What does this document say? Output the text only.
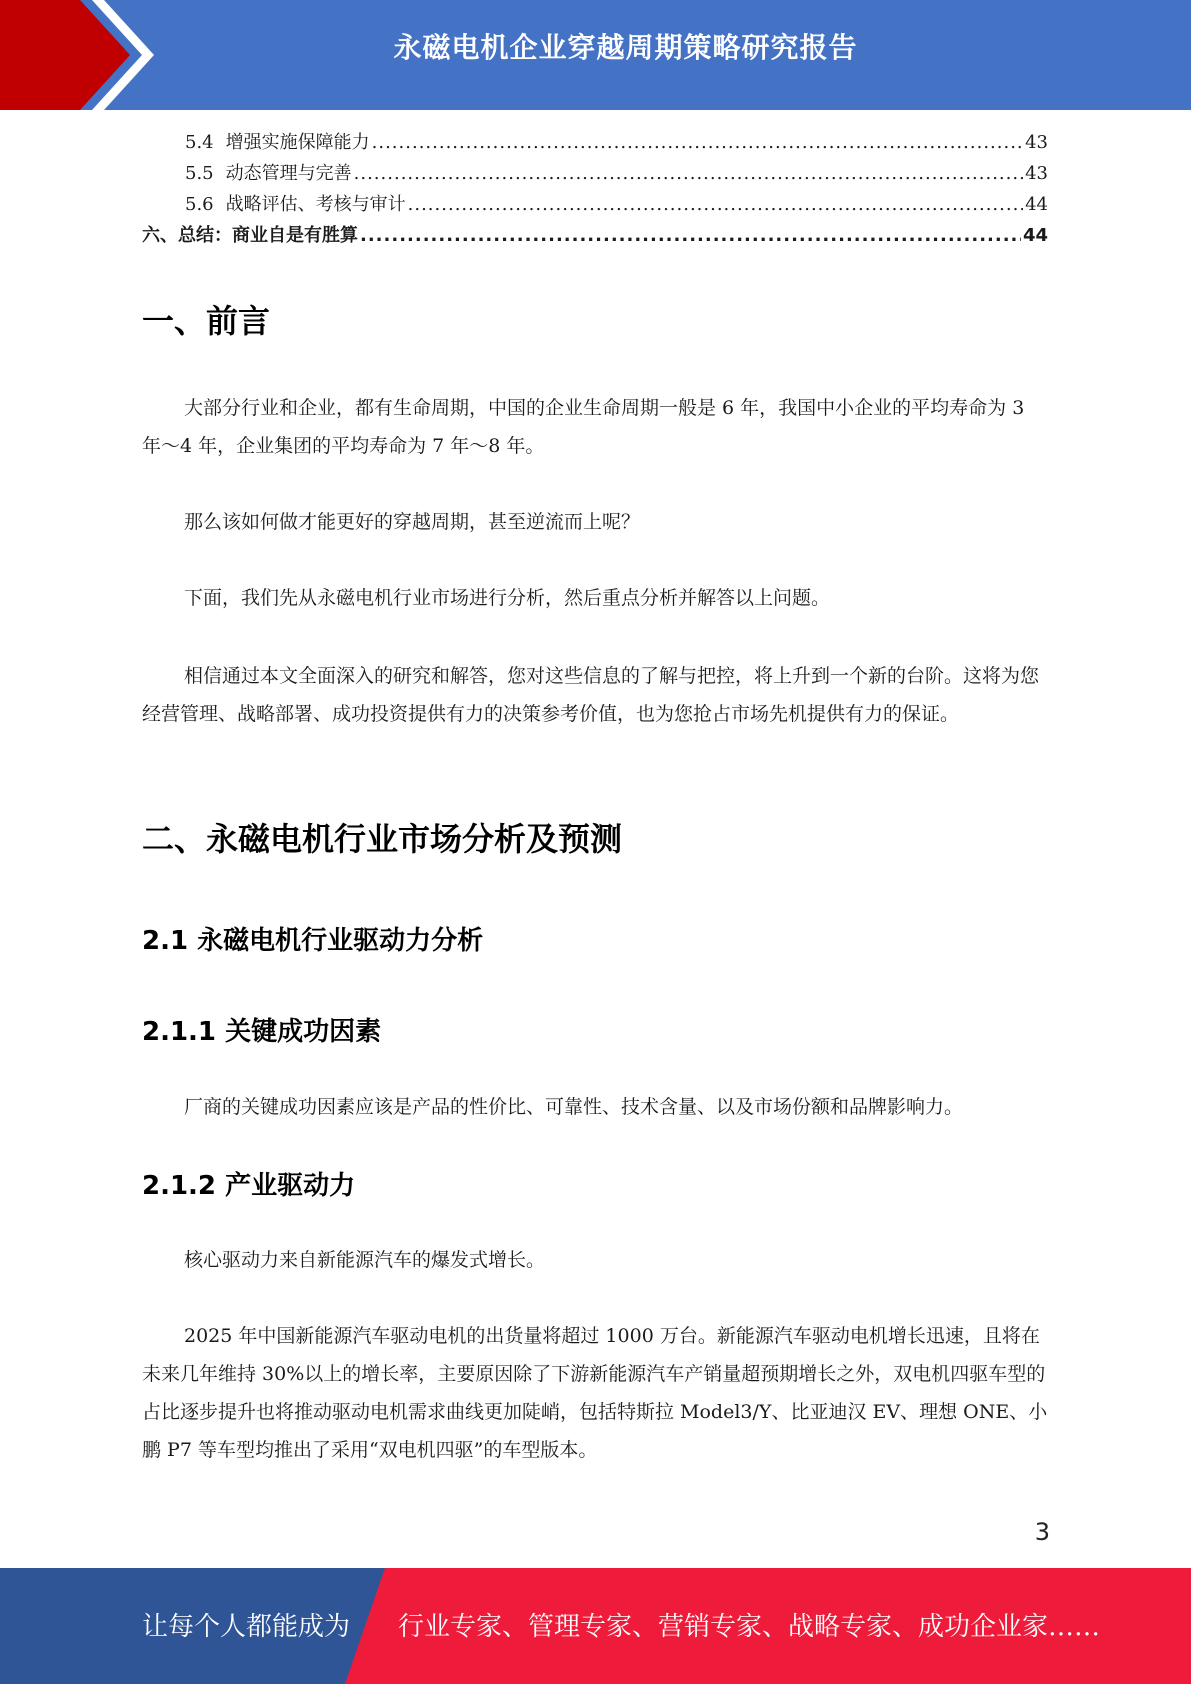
永磁电机企业穿越周期策略研究报告
5.4 增强实施保障能力 .....	43
5.5 动态管理与完善 .....	43
5.6 战略评估、考核与审计 .....	44
六、总结：商业自是有胜算 .....	44
一、前言

大部分行业和企业，都有生命周期，中国的企业生命周期一般是 6 年，我国中小企业的平均寿命为 3 年～4 年，企业集团的平均寿命为 7 年～8 年。

那么该如何做才能更好的穿越周期，甚至逆流而上呢？

下面，我们先从永磁电机行业市场进行分析，然后重点分析并解答以上问题。

相信通过本文全面深入的研究和解答，您对这些信息的了解与把控，将上升到一个新的台阶。这将为您经营管理、战略部署、成功投资提供有力的决策参考价值，也为您抢占市场先机提供有力的保证。

二、永磁电机行业市场分析及预测
2.1 永磁电机行业驱动力分析
2.1.1 关键成功因素

厂商的关键成功因素应该是产品的性价比、可靠性、技术含量、以及市场份额和品牌影响力。

2.1.2 产业驱动力

核心驱动力来自新能源汽车的爆发式增长。

2025 年中国新能源汽车驱动电机的出货量将超过 1000 万台。新能源汽车驱动电机增长迅速，且将在未来几年维持 30%以上的增长率，主要原因除了下游新能源汽车产销量超预期增长之外，双电机四驱车型的占比逐步提升也将推动驱动电机需求曲线更加陡峭，包括特斯拉 Model3/Y、比亚迪汉 EV、理想 ONE、小鹏 P7 等车型均推出了采用“双电机四驱”的车型版本。

3
让每个人都能成为 行业专家、管理专家、营销专家、战略专家、成功企业家……
